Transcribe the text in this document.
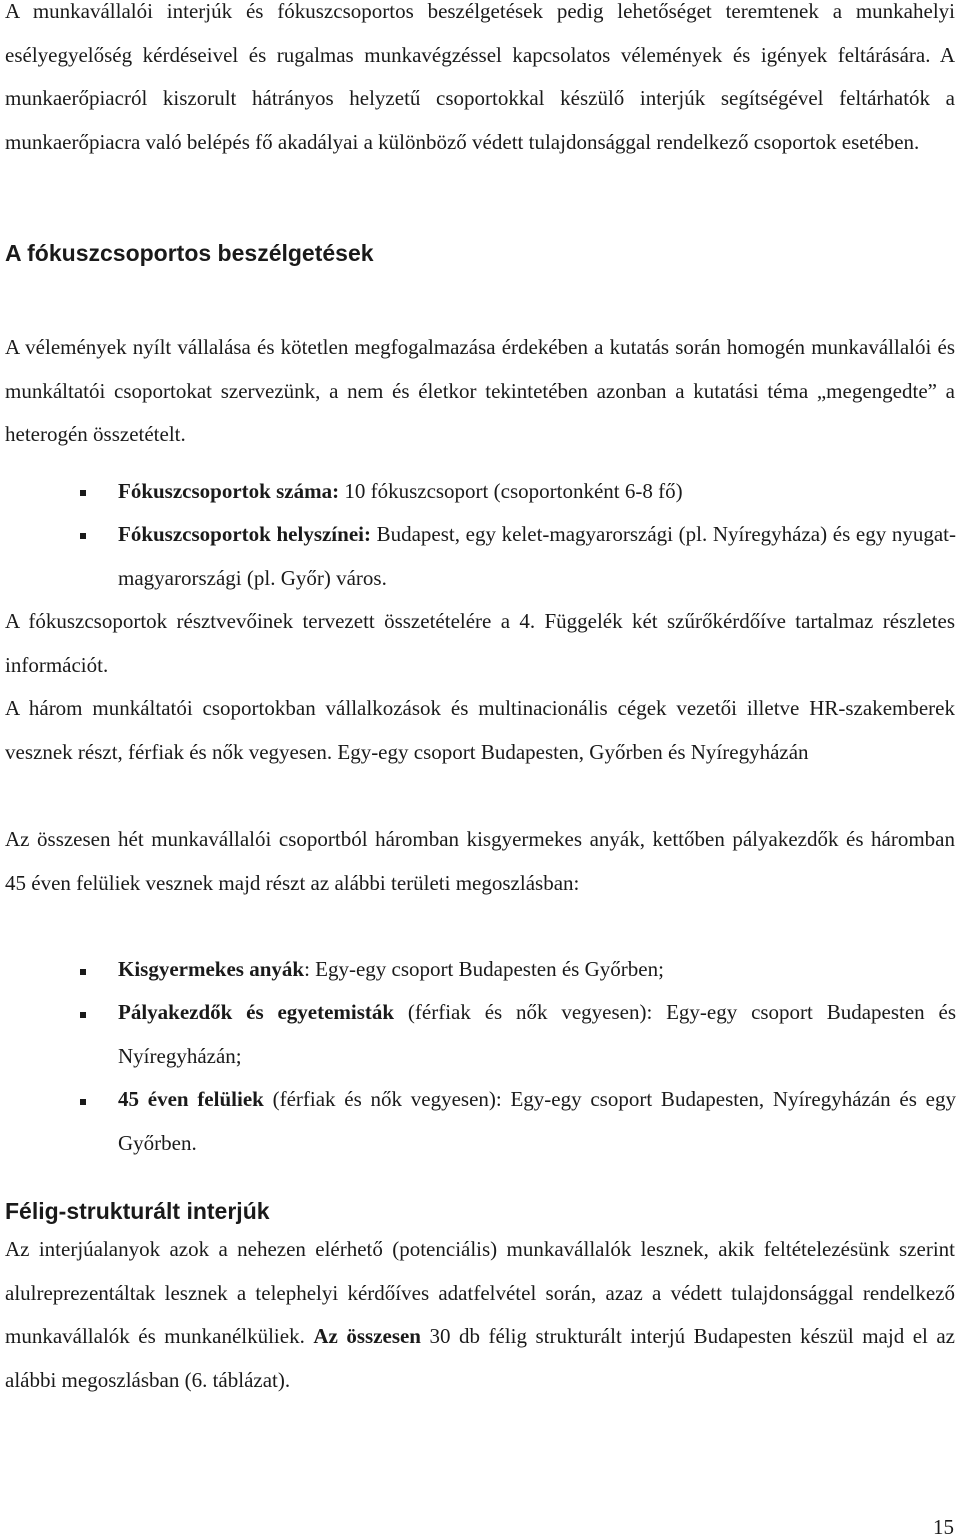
A munkavállalói interjúk és fókuszcsoportos beszélgetések pedig lehetőséget teremtenek a munkahelyi esélyegyelőség kérdéseivel és rugalmas munkavégzéssel kapcsolatos vélemények és igények feltárására. A munkaerőpiacról kiszorult hátrányos helyzetű csoportokkal készülő interjúk segítségével feltárhatók a munkaerőpiacra való belépés fő akadályai a különböző védett tulajdonsággal rendelkező csoportok esetében.

A fókuszcsoportos beszélgetések

A vélemények nyílt vállalása és kötetlen megfogalmazása érdekében a kutatás során homogén munkavállalói és munkáltatói csoportokat szervezünk, a nem és életkor tekintetében azonban a kutatási téma „megengedte” a heterogén összetételt.

Fókuszcsoportok száma: 10 fókuszcsoport (csoportonként 6-8 fő)

Fókuszcsoportok helyszínei: Budapest, egy kelet-magyarországi (pl. Nyíregyháza) és egy nyugat-magyarországi (pl. Győr) város.

A fókuszcsoportok résztvevőinek tervezett összetételére a 4. Függelék két szűrőkérdőíve tartalmaz részletes információt.

A három munkáltatói csoportokban vállalkozások és multinacionális cégek vezetői illetve HR-szakemberek vesznek részt, férfiak és nők vegyesen. Egy-egy csoport Budapesten, Győrben és Nyíregyházán

Az összesen hét munkavállalói csoportból háromban kisgyermekes anyák, kettőben pályakezdők és háromban 45 éven felüliek vesznek majd részt az alábbi területi megoszlásban:

Kisgyermekes anyák: Egy-egy csoport Budapesten és Győrben;

Pályakezdők és egyetemisták (férfiak és nők vegyesen): Egy-egy csoport Budapesten és Nyíregyházán;

45 éven felüliek (férfiak és nők vegyesen): Egy-egy csoport Budapesten, Nyíregyházán és egy Győrben.

Félig-strukturált interjúk

Az interjúalanyok azok a nehezen elérhető (potenciális) munkavállalók lesznek, akik feltételezésünk szerint alulreprezentáltak lesznek a telephelyi kérdőíves adatfelvétel során, azaz a védett tulajdonsággal rendelkező munkavállalók és munkanélküliek. Az összesen 30 db félig strukturált interjú Budapesten készül majd el az alábbi megoszlásban (6. táblázat).

15
